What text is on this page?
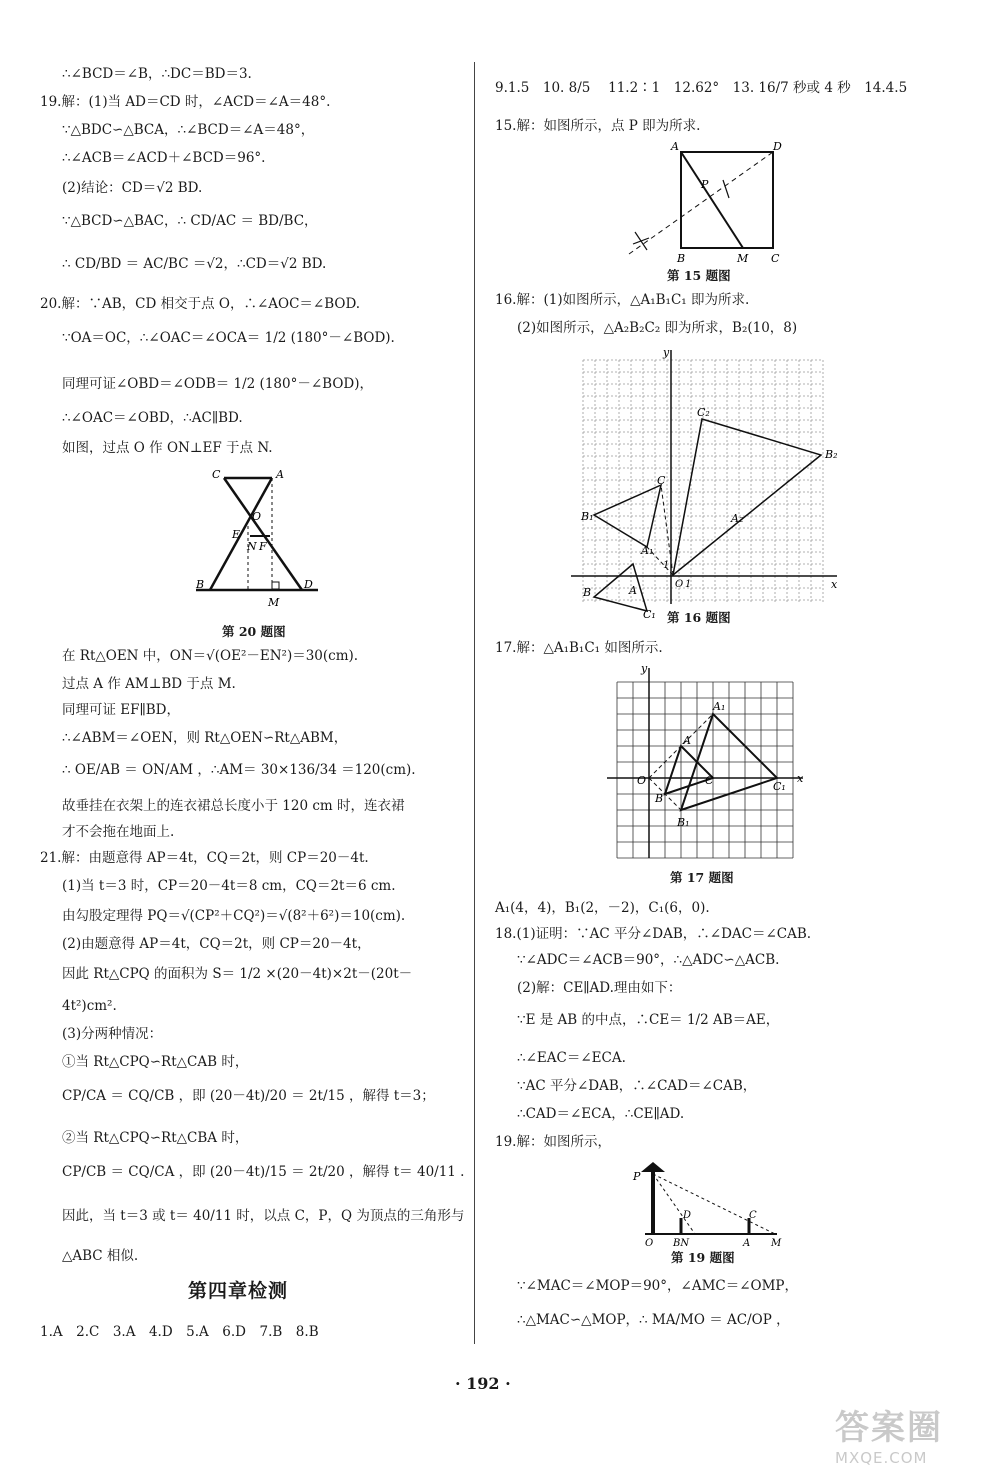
∴∠BCD＝∠B，∴DC＝BD＝3.
19.解：(1)当 AD＝CD 时，∠ACD＝∠A＝48°.
∵△BDC∽△BCA，∴∠BCD＝∠A＝48°，
∴∠ACB＝∠ACD＋∠BCD＝96°.
(2)结论：CD＝√2 BD.
∵△BCD∽△BAC，∴ CD/AC ＝ BD/BC，
∴ CD/BD ＝ AC/BC ＝√2，∴CD＝√2 BD.
20.解：∵AB，CD 相交于点 O，∴∠AOC＝∠BOD.
∵OA＝OC，∴∠OAC＝∠OCA＝ 1/2 (180°－∠BOD).
同理可证∠OBD＝∠ODB＝ 1/2 (180°－∠BOD)，
∴∠OAC＝∠OBD，∴AC∥BD.
如图，过点 O 作 ON⊥EF 于点 N.
C	A
O
E
N F
B	D
M
第 20 题图
在 Rt△OEN 中，ON＝√(OE²－EN²)＝30(cm).
过点 A 作 AM⊥BD 于点 M.
同理可证 EF∥BD，
∴∠ABM＝∠OEN，则 Rt△OEN∽Rt△ABM，
∴ OE/AB ＝ ON/AM ，∴AM＝ 30×136/34 ＝120(cm).
故垂挂在衣架上的连衣裙总长度小于 120 cm 时，连衣裙
才不会拖在地面上.
21.解：由题意得 AP＝4t，CQ＝2t，则 CP＝20－4t.
(1)当 t＝3 时，CP＝20－4t＝8 cm，CQ＝2t＝6 cm.
由勾股定理得 PQ＝√(CP²＋CQ²)＝√(8²＋6²)＝10(cm).
(2)由题意得 AP＝4t，CQ＝2t，则 CP＝20－4t，
因此 Rt△CPQ 的面积为 S＝ 1/2 ×(20－4t)×2t－(20t－
4t²)cm².
(3)分两种情况：
①当 Rt△CPQ∽Rt△CAB 时，
CP/CA ＝ CQ/CB ，即 (20－4t)/20 ＝ 2t/15 ，解得 t＝3；
②当 Rt△CPQ∽Rt△CBA 时，
CP/CB ＝ CQ/CA ，即 (20－4t)/15 ＝ 2t/20 ，解得 t＝ 40/11 .
因此，当 t＝3 或 t＝ 40/11 时，以点 C，P，Q 为顶点的三角形与
△ABC 相似.
第四章检测
1.A　2.C　3.A　4.D　5.A　6.D　7.B　8.B
9.1.5　10. 8/5 　11.2∶1　12.62°　13. 16/7 秒或 4 秒　14.4.5
15.解：如图所示，点 P 即为所求.
A	D
P
B	M C
第 15 题图
16.解：(1)如图所示，△A₁B₁C₁ 即为所求.
(2)如图所示，△A₂B₂C₂ 即为所求，B₂(10，8)
y
x
C₂
B₂
C
B₁	A₂
A₁
O
1
1
A
B
C₁ 第 16 题图
17.解：△A₁B₁C₁ 如图所示.
y
x
A₁
A
O
B
C	C₁
B₁
第 17 题图
A₁(4，4)，B₁(2，－2)，C₁(6，0).
18.(1)证明：∵AC 平分∠DAB，∴∠DAC＝∠CAB.
∵∠ADC＝∠ACB＝90°，∴△ADC∽△ACB.
(2)解：CE∥AD.理由如下：
∵E 是 AB 的中点，∴CE＝ 1/2 AB＝AE，
∴∠EAC＝∠ECA.
∵AC 平分∠DAB，∴∠CAD＝∠CAB，
∴CAD＝∠ECA，∴CE∥AD.
19.解：如图所示，
P
D	C
O BN	A M
第 19 题图
∵∠MAC＝∠MOP＝90°，∠AMC＝∠OMP，
∴△MAC∽△MOP，∴ MA/MO ＝ AC/OP ，
· 192 ·
答案圈
MXQE.COM
